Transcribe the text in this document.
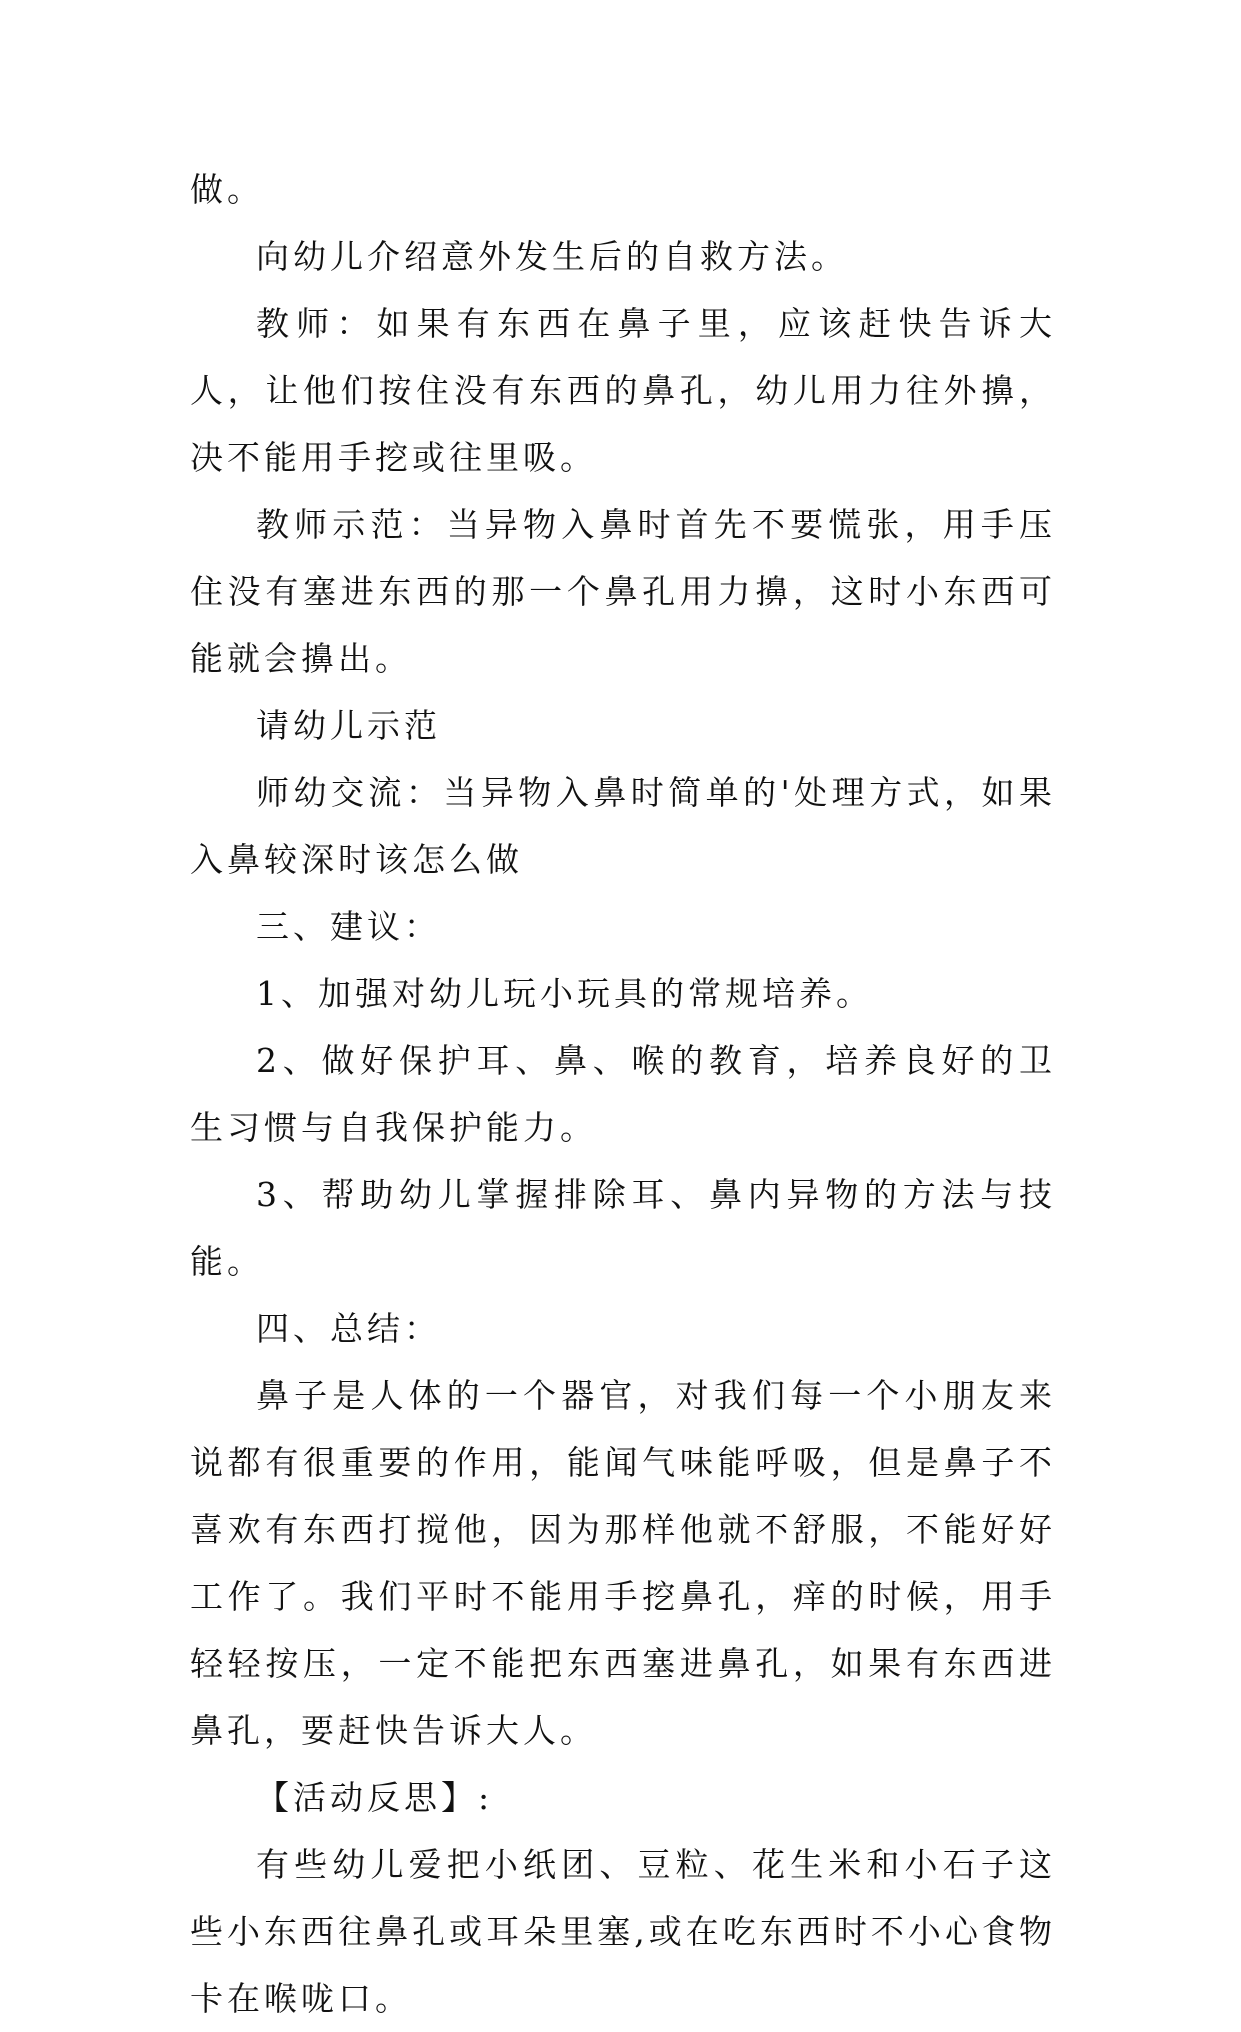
做。

向幼儿介绍意外发生后的自救方法。

教师：如果有东西在鼻子里，应该赶快告诉大人，让他们按住没有东西的鼻孔，幼儿用力往外擤，决不能用手挖或往里吸。

教师示范：当异物入鼻时首先不要慌张，用手压住没有塞进东西的那一个鼻孔用力擤，这时小东西可能就会擤出。

请幼儿示范

师幼交流：当异物入鼻时简单的'处理方式，如果入鼻较深时该怎么做

三、建议：

1、加强对幼儿玩小玩具的常规培养。

2、做好保护耳、鼻、喉的教育，培养良好的卫生习惯与自我保护能力。

3、帮助幼儿掌握排除耳、鼻内异物的方法与技能。

四、总结：

鼻子是人体的一个器官，对我们每一个小朋友来说都有很重要的作用，能闻气味能呼吸，但是鼻子不喜欢有东西打搅他，因为那样他就不舒服，不能好好工作了。我们平时不能用手挖鼻孔，痒的时候，用手轻轻按压，一定不能把东西塞进鼻孔，如果有东西进鼻孔，要赶快告诉大人。

【活动反思】:

有些幼儿爱把小纸团、豆粒、花生米和小石子这些小东西往鼻孔或耳朵里塞,或在吃东西时不小心食物卡在喉咙口。
